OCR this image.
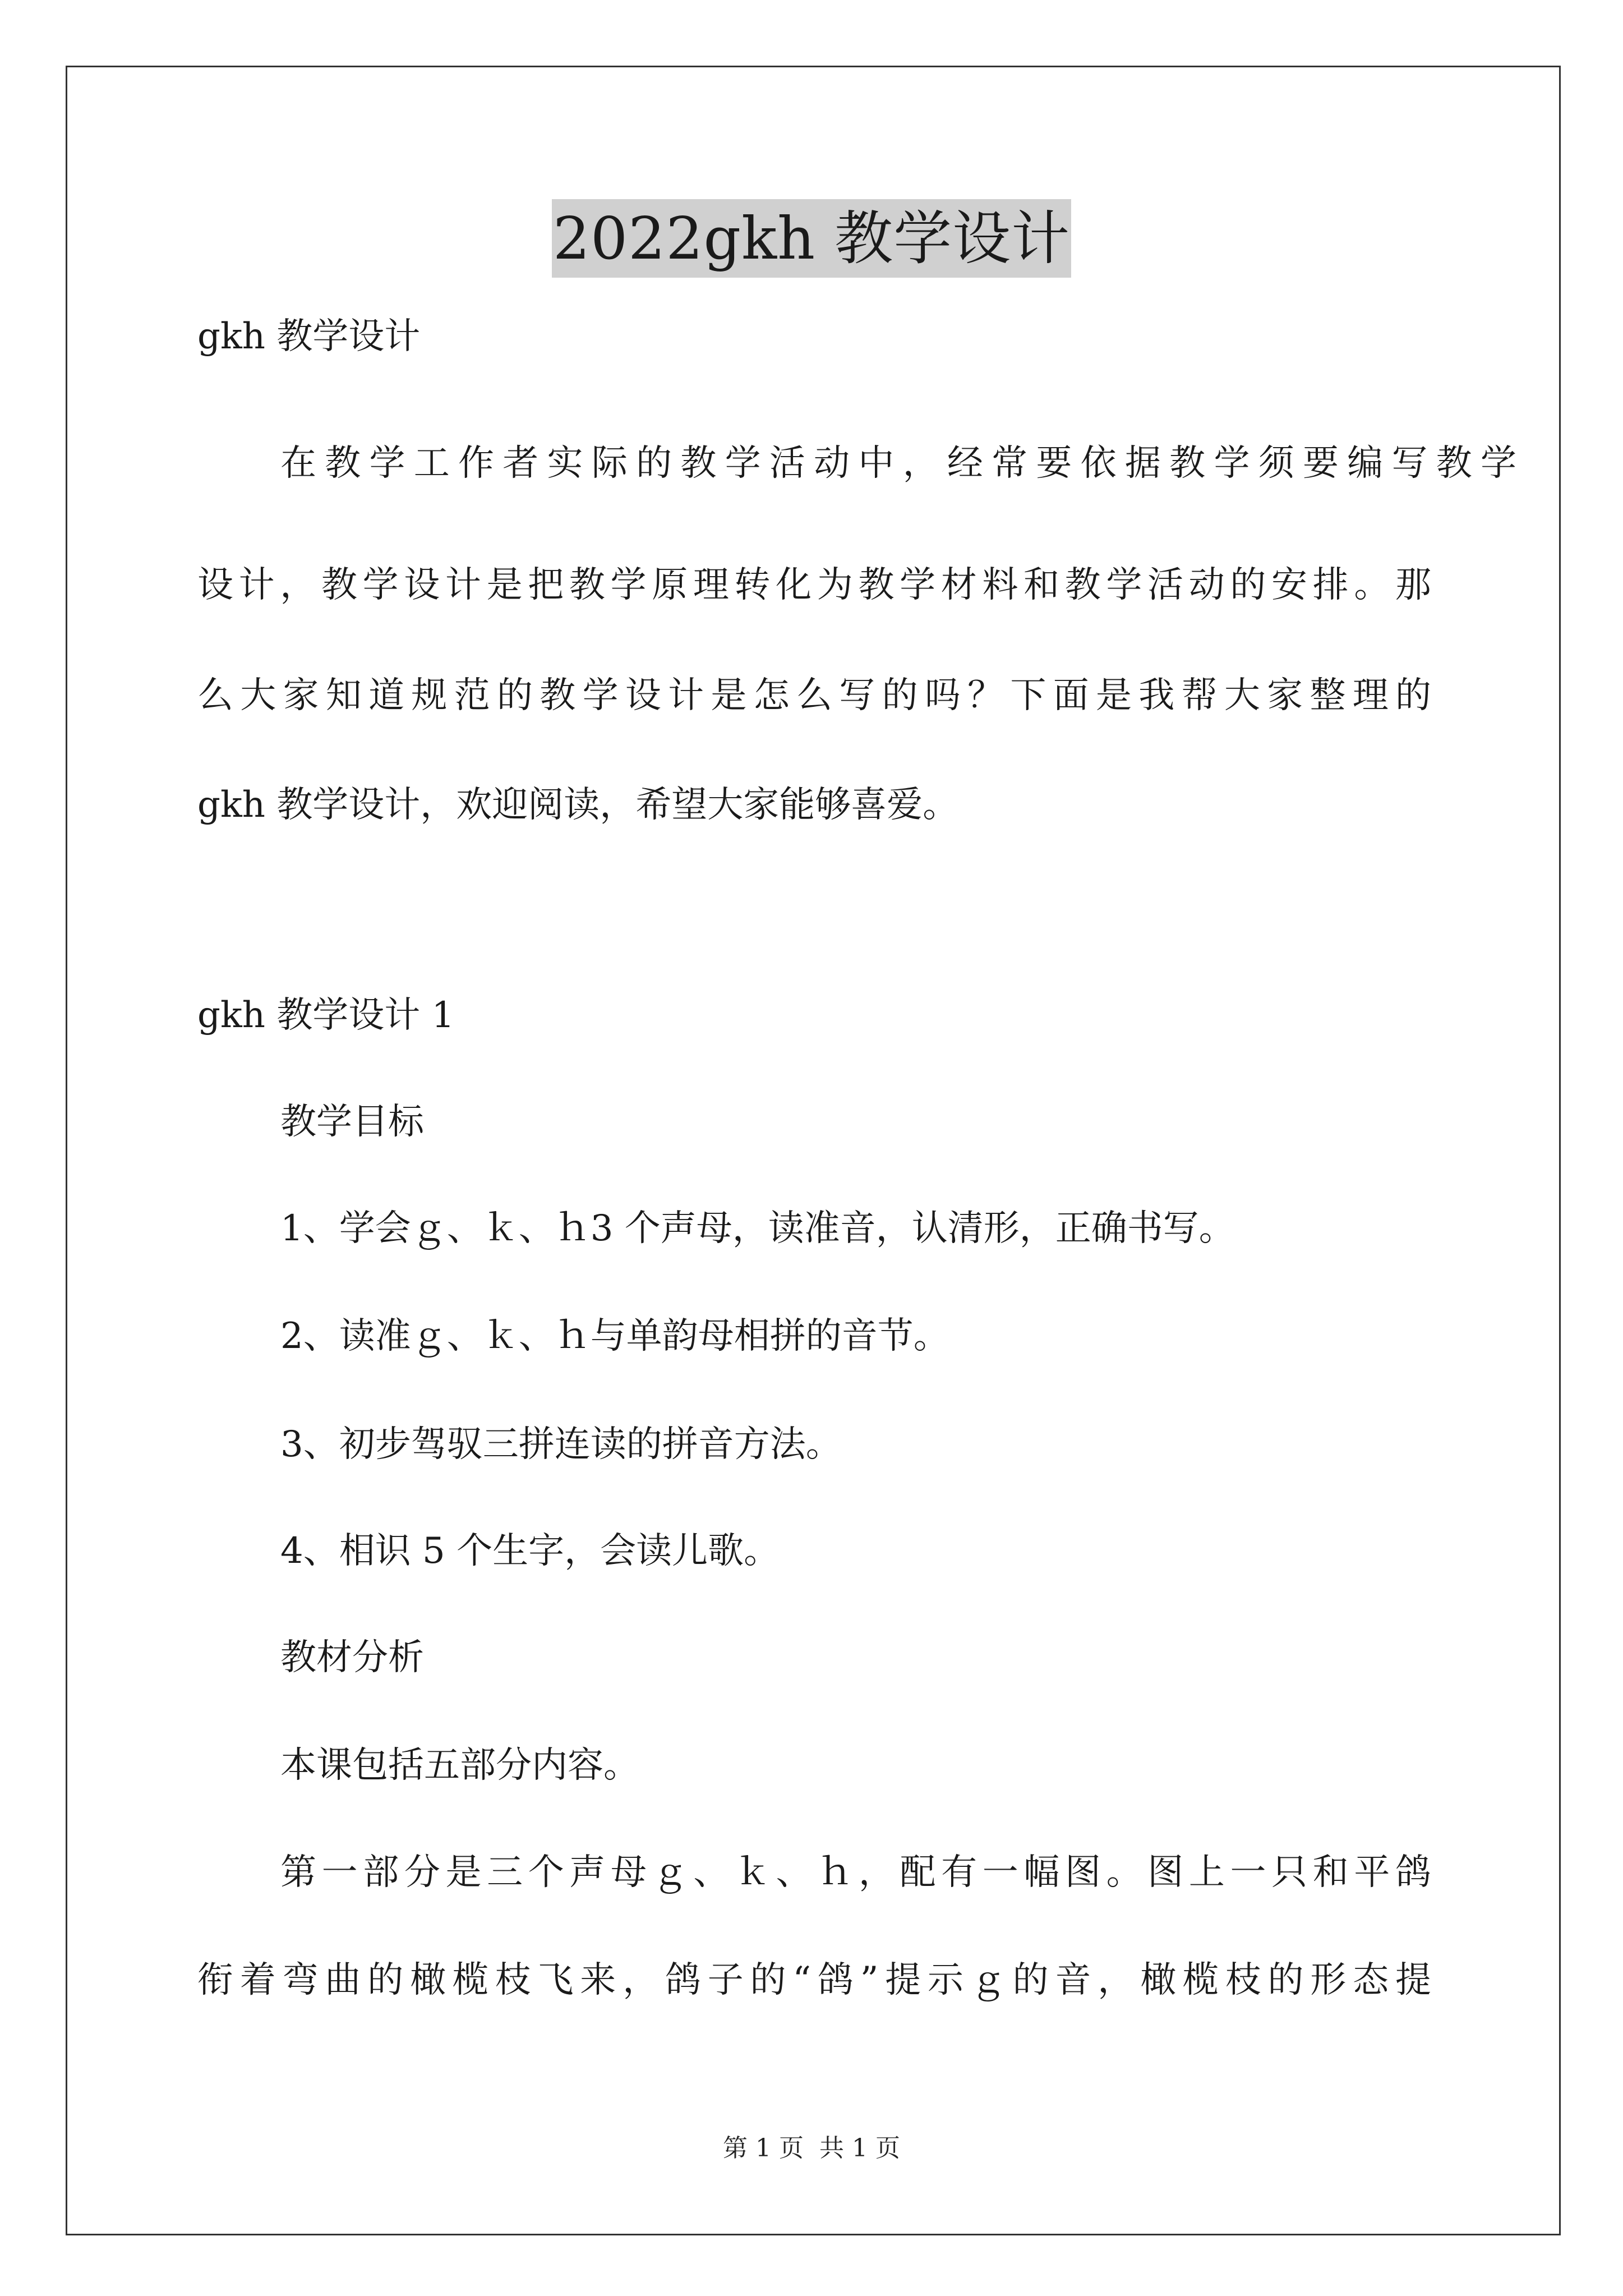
2022gkh 教学设计
gkh 教学设计
在教学工作者实际的教学活动中，经常要依据教学须要编写教学
设计，教学设计是把教学原理转化为教学材料和教学活动的安排。那
么大家知道规范的教学设计是怎么写的吗？下面是我帮大家整理的
gkh 教学设计，欢迎阅读，希望大家能够喜爱。
gkh 教学设计 1
教学目标
1、学会ｇ、ｋ、ｈ3 个声母，读准音，认清形，正确书写。
2、读准ｇ、ｋ、ｈ与单韵母相拼的音节。
3、初步驾驭三拼连读的拼音方法。
4、相识 5 个生字，会读儿歌。
教材分析
本课包括五部分内容。
第一部分是三个声母ｇ、ｋ、ｈ，配有一幅图。图上一只和平鸽
衔着弯曲的橄榄枝飞来，鸽子的“鸽”提示ｇ的音，橄榄枝的形态提
第 1 页 共 1 页
